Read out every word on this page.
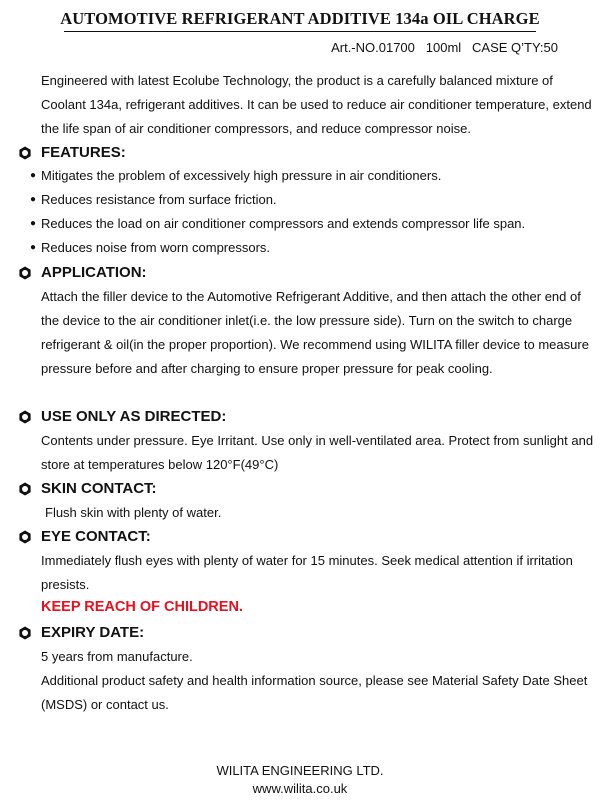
AUTOMOTIVE REFRIGERANT ADDITIVE 134a OIL CHARGE
Art.-NO.01700 100ml CASE Q’TY:50

Engineered with latest Ecolube Technology, the product is a carefully balanced mixture of Coolant 134a, refrigerant additives. It can be used to reduce air conditioner temperature, extend the life span of air conditioner compressors, and reduce compressor noise.

FEATURES:
● Mitigates the problem of excessively high pressure in air conditioners.
● Reduces resistance from surface friction.
● Reduces the load on air conditioner compressors and extends compressor life span.
● Reduces noise from worn compressors.
APPLICATION:

Attach the filler device to the Automotive Refrigerant Additive, and then attach the other end of the device to the air conditioner inlet(i.e. the low pressure side). Turn on the switch to charge refrigerant & oil(in the proper proportion). We recommend using WILITA filler device to measure pressure before and after charging to ensure proper pressure for peak cooling.

USE ONLY AS DIRECTED:

Contents under pressure. Eye Irritant. Use only in well-ventilated area. Protect from sunlight and store at temperatures below 120°F(49°C)

SKIN CONTACT:

Flush skin with plenty of water.

EYE CONTACT:

Immediately flush eyes with plenty of water for 15 minutes. Seek medical attention if irritation presists.

KEEP REACH OF CHILDREN.
EXPIRY DATE:

5 years from manufacture.

Additional product safety and health information source, please see Material Safety Date Sheet (MSDS) or contact us.

WILITA ENGINEERING LTD.
www.wilita.co.uk
